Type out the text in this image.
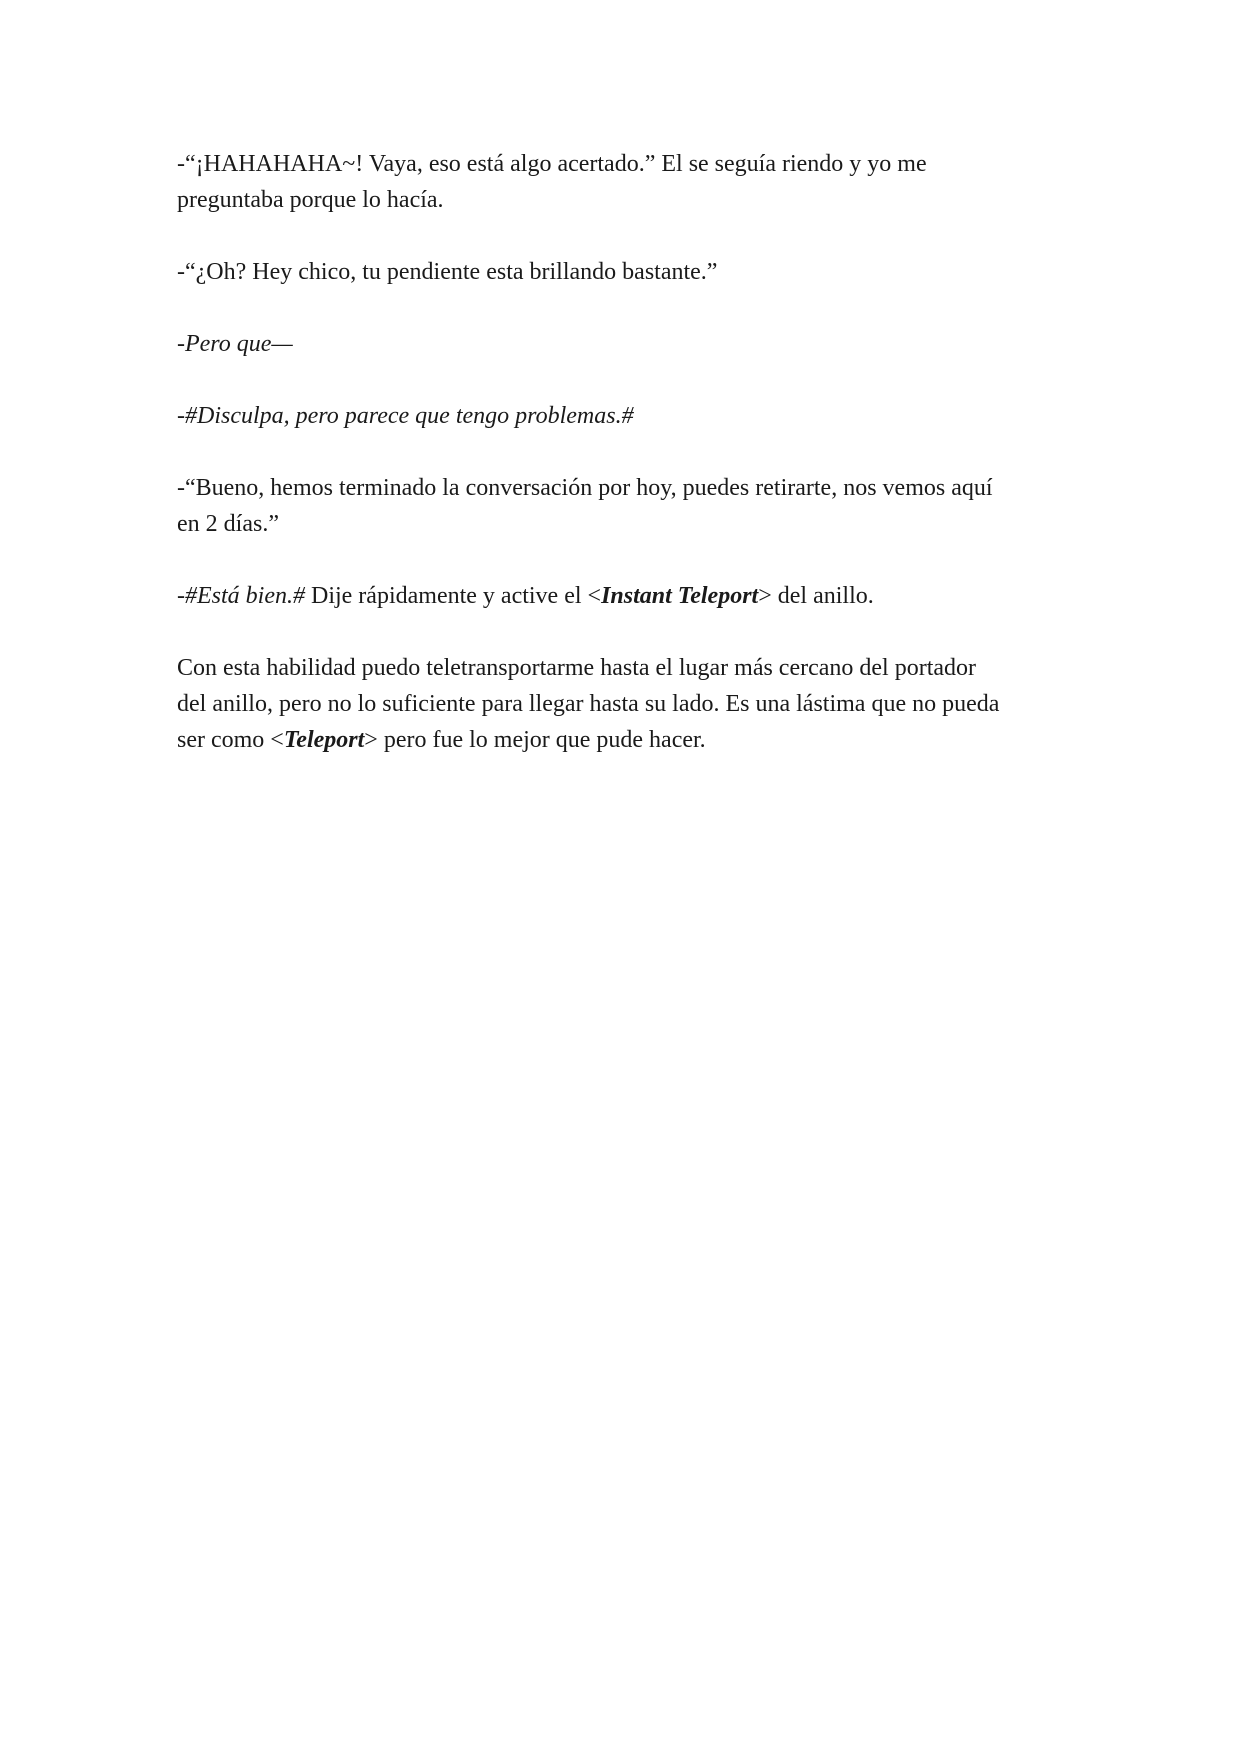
-“¡HAHAHAHA~! Vaya, eso está algo acertado.” El se seguía riendo y yo me
preguntaba porque lo hacía.

-“¿Oh? Hey chico, tu pendiente esta brillando bastante.”

-Pero que—

-#Disculpa, pero parece que tengo problemas.#

-“Bueno, hemos terminado la conversación por hoy, puedes retirarte, nos vemos aquí
en 2 días.”

-#Está bien.# Dije rápidamente y active el <Instant Teleport> del anillo.

Con esta habilidad puedo teletransportarme hasta el lugar más cercano del portador
del anillo, pero no lo suficiente para llegar hasta su lado. Es una lástima que no pueda
ser como <Teleport> pero fue lo mejor que pude hacer.
